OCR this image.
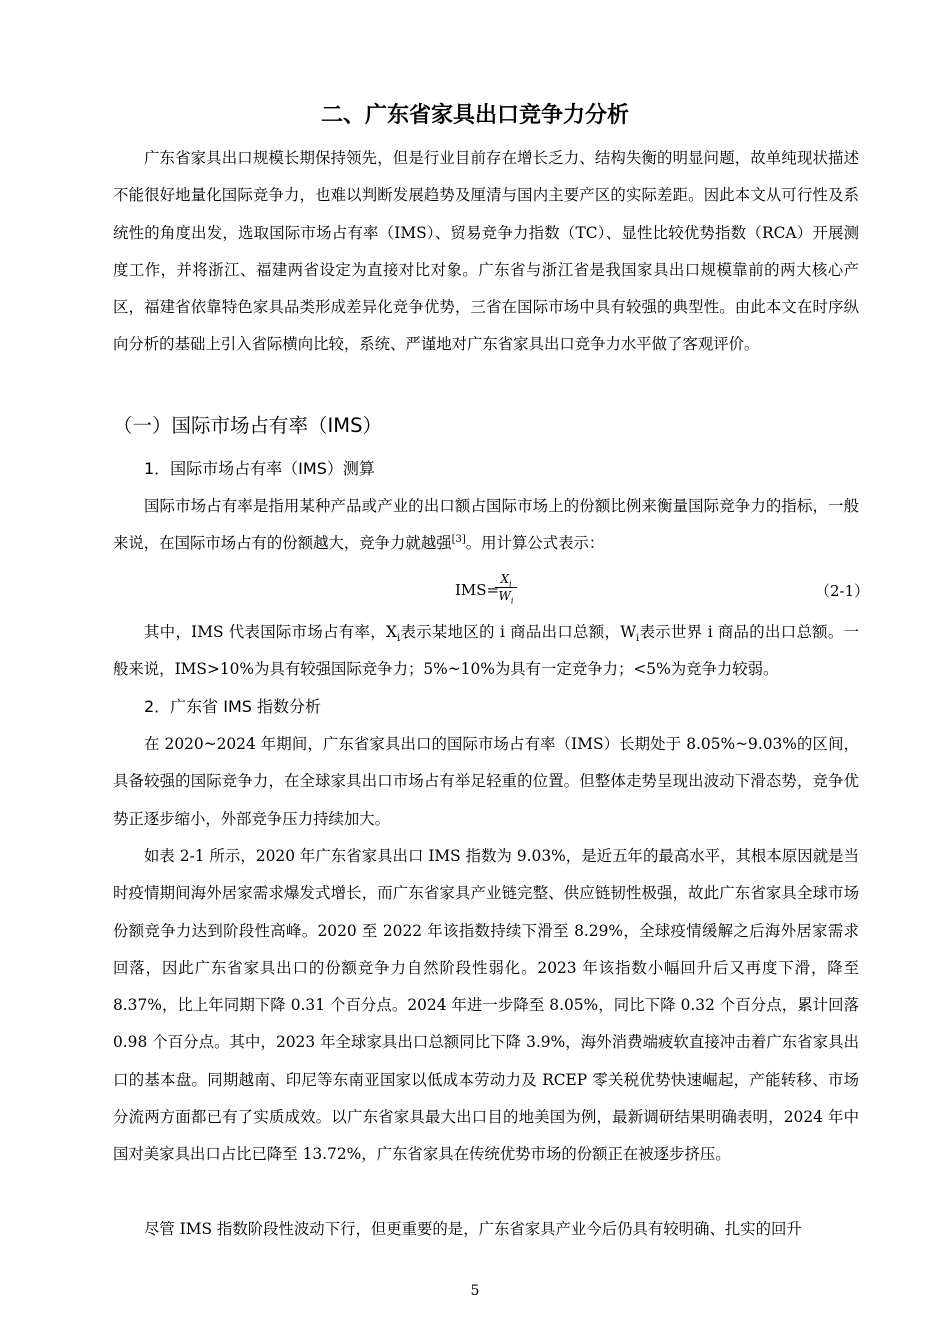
二、广东省家具出口竞争力分析

广东省家具出口规模长期保持领先，但是行业目前存在增长乏力、结构失衡的明显问题，故单纯现状描述不能很好地量化国际竞争力，也难以判断发展趋势及厘清与国内主要产区的实际差距。因此本文从可行性及系统性的角度出发，选取国际市场占有率（IMS）、贸易竞争力指数（TC）、显性比较优势指数（RCA）开展测度工作，并将浙江、福建两省设定为直接对比对象。广东省与浙江省是我国家具出口规模靠前的两大核心产区，福建省依靠特色家具品类形成差异化竞争优势，三省在国际市场中具有较强的典型性。由此本文在时序纵向分析的基础上引入省际横向比较，系统、严谨地对广东省家具出口竞争力水平做了客观评价。

（一）国际市场占有率（IMS）
1．国际市场占有率（IMS）测算

国际市场占有率是指用某种产品或产业的出口额占国际市场上的份额比例来衡量国际竞争力的指标，一般来说，在国际市场占有的份额越大，竞争力就越强[3]。用计算公式表示：

IMS=
$X_i$
$W_i$
（2-1）

其中，IMS 代表国际市场占有率，$X_i$表示某地区的 i 商品出口总额，$W_i$表示世界 i 商品的出口总额。一般来说，IMS>10%为具有较强国际竞争力；5%~10%为具有一定竞争力；<5%为竞争力较弱。

2．广东省 IMS 指数分析

在 2020~2024 年期间，广东省家具出口的国际市场占有率（IMS）长期处于 8.05%~9.03%的区间，具备较强的国际竞争力，在全球家具出口市场占有举足轻重的位置。但整体走势呈现出波动下滑态势，竞争优势正逐步缩小，外部竞争压力持续加大。

如表 2-1 所示，2020 年广东省家具出口 IMS 指数为 9.03%，是近五年的最高水平，其根本原因就是当时疫情期间海外居家需求爆发式增长，而广东省家具产业链完整、供应链韧性极强，故此广东省家具全球市场份额竞争力达到阶段性高峰。2020 至 2022 年该指数持续下滑至 8.29%，全球疫情缓解之后海外居家需求回落，因此广东省家具出口的份额竞争力自然阶段性弱化。2023 年该指数小幅回升后又再度下滑，降至 8.37%，比上年同期下降 0.31 个百分点。2024 年进一步降至 8.05%，同比下降 0.32 个百分点，累计回落 0.98 个百分点。其中，2023 年全球家具出口总额同比下降 3.9%，海外消费端疲软直接冲击着广东省家具出口的基本盘。同期越南、印尼等东南亚国家以低成本劳动力及 RCEP 零关税优势快速崛起，产能转移、市场分流两方面都已有了实质成效。以广东省家具最大出口目的地美国为例，最新调研结果明确表明，2024 年中国对美家具出口占比已降至 13.72%，广东省家具在传统优势市场的份额正在被逐步挤压。

尽管 IMS 指数阶段性波动下行，但更重要的是，广东省家具产业今后仍具有较明确、扎实的回升

5
